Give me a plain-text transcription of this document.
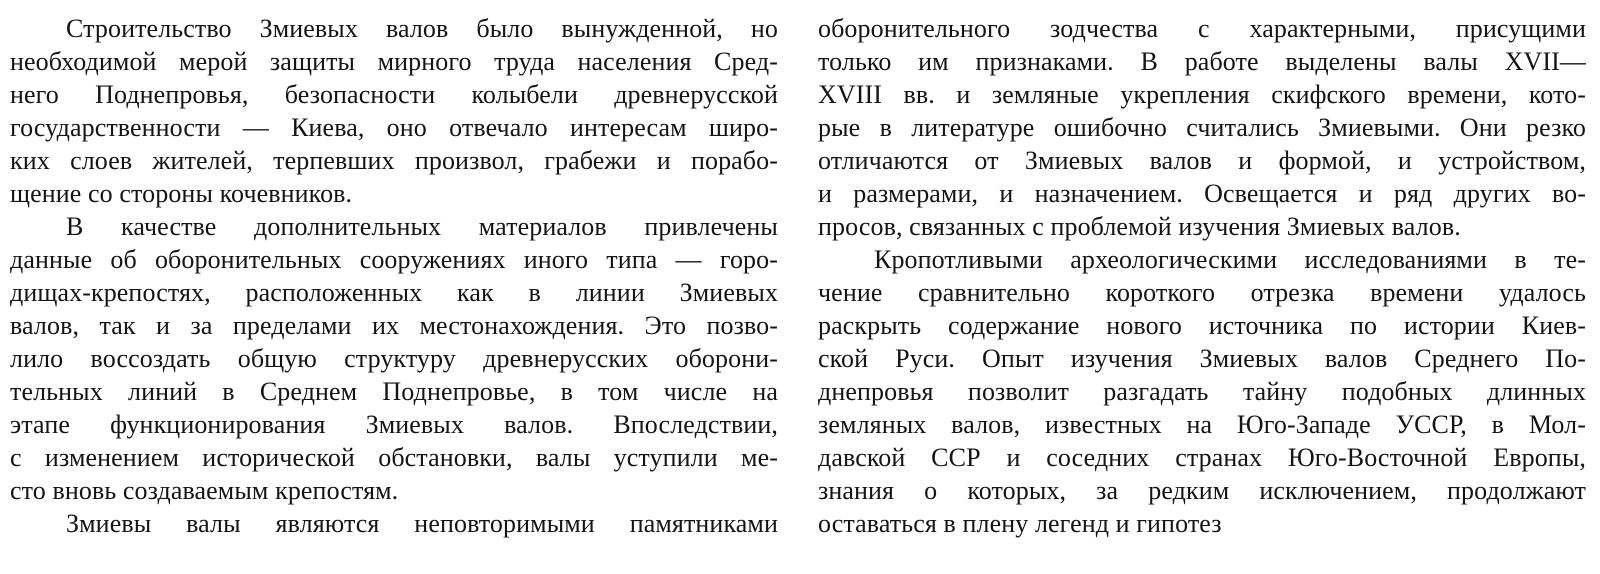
Строительство Змиевых валов было вынужденной, но
необходимой мерой защиты мирного труда населения Сред-
него Поднепровья, безопасности колыбели древнерусской
государственности — Киева, оно отвечало интересам широ-
ких слоев жителей, терпевших произвол, грабежи и порабо-
щение со стороны кочевников.
В качестве дополнительных материалов привлечены
данные об оборонительных сооружениях иного типа — горо-
дищах-крепостях, расположенных как в линии Змиевых
валов, так и за пределами их местонахождения. Это позво-
лило воссоздать общую структуру древнерусских оборони-
тельных линий в Среднем Поднепровье, в том числе на
этапе функционирования Змиевых валов. Впоследствии,
с изменением исторической обстановки, валы уступили ме-
сто вновь создаваемым крепостям.
Змиевы валы являются неповторимыми памятниками
оборонительного зодчества с характерными, присущими
только им признаками. В работе выделены валы XVII—
XVIII вв. и земляные укрепления скифского времени, кото-
рые в литературе ошибочно считались Змиевыми. Они резко
отличаются от Змиевых валов и формой, и устройством,
и размерами, и назначением. Освещается и ряд других во-
просов, связанных с проблемой изучения Змиевых валов.
Кропотливыми археологическими исследованиями в те-
чение сравнительно короткого отрезка времени удалось
раскрыть содержание нового источника по истории Киев-
ской Руси. Опыт изучения Змиевых валов Среднего По-
днепровья позволит разгадать тайну подобных длинных
земляных валов, известных на Юго-Западе УССР, в Мол-
давской ССР и соседних странах Юго-Восточной Европы,
знания о которых, за редким исключением, продолжают
оставаться в плену легенд и гипотез
